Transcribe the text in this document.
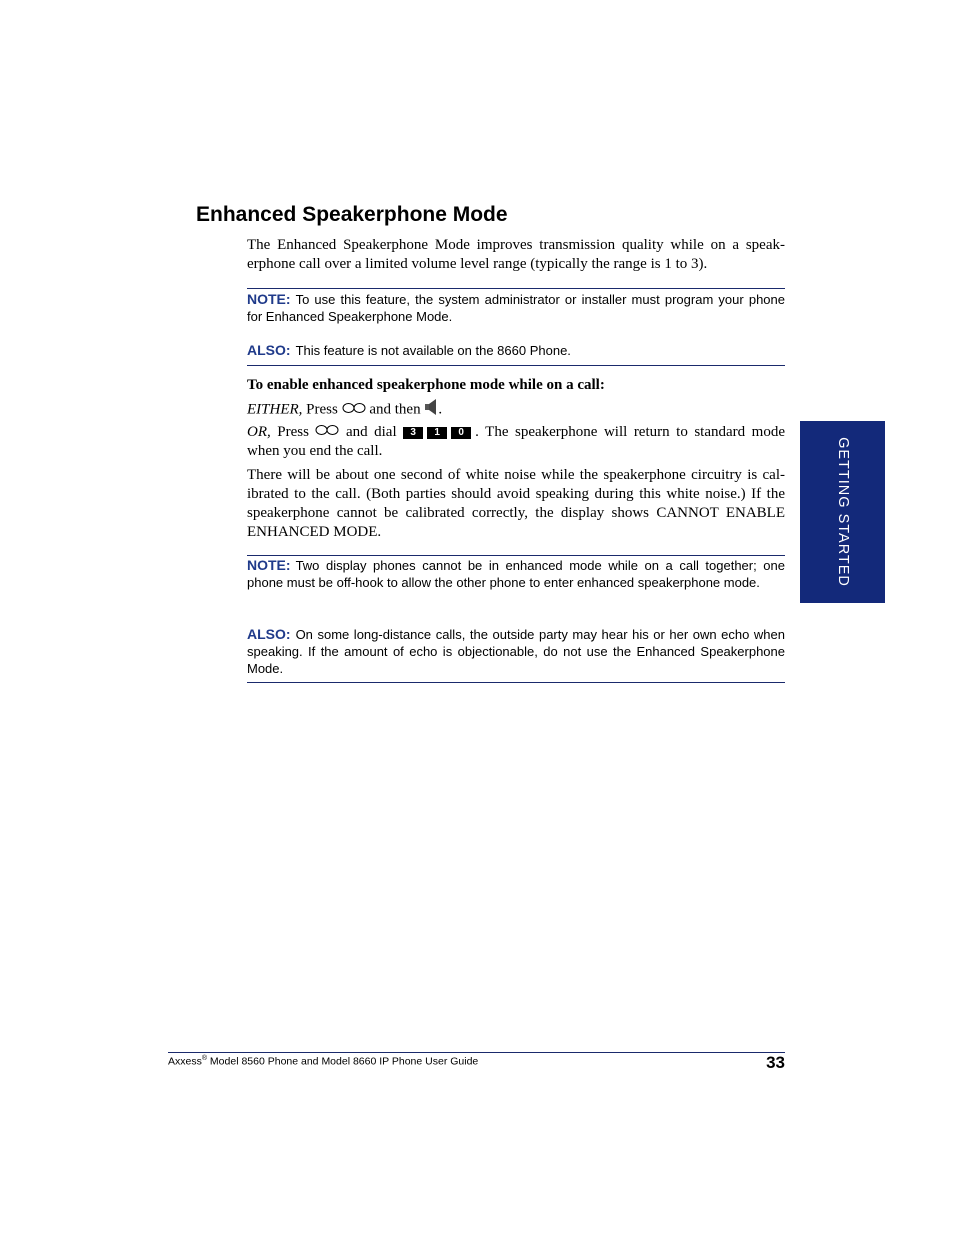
Enhanced Speakerphone Mode

The Enhanced Speakerphone Mode improves transmission quality while on a speak-erphone call over a limited volume level range (typically the range is 1 to 3).

NOTE: To use this feature, the system administrator or installer must program your phone for Enhanced Speakerphone Mode.

ALSO: This feature is not available on the 8660 Phone.

To enable enhanced speakerphone mode while on a call:

EITHER, Press and then .

OR, Press and dial 3 1 0 . The speakerphone will return to standard mode when you end the call.

There will be about one second of white noise while the speakerphone circuitry is cal-ibrated to the call. (Both parties should avoid speaking during this white noise.) If the speakerphone cannot be calibrated correctly, the display shows CANNOT ENABLE ENHANCED MODE.

NOTE: Two display phones cannot be in enhanced mode while on a call together; one phone must be off-hook to allow the other phone to enter enhanced speakerphone mode.

ALSO: On some long-distance calls, the outside party may hear his or her own echo when speaking. If the amount of echo is objectionable, do not use the Enhanced Speakerphone Mode.

GETTING STARTED
Axxess® Model 8560 Phone and Model 8660 IP Phone User Guide	33
